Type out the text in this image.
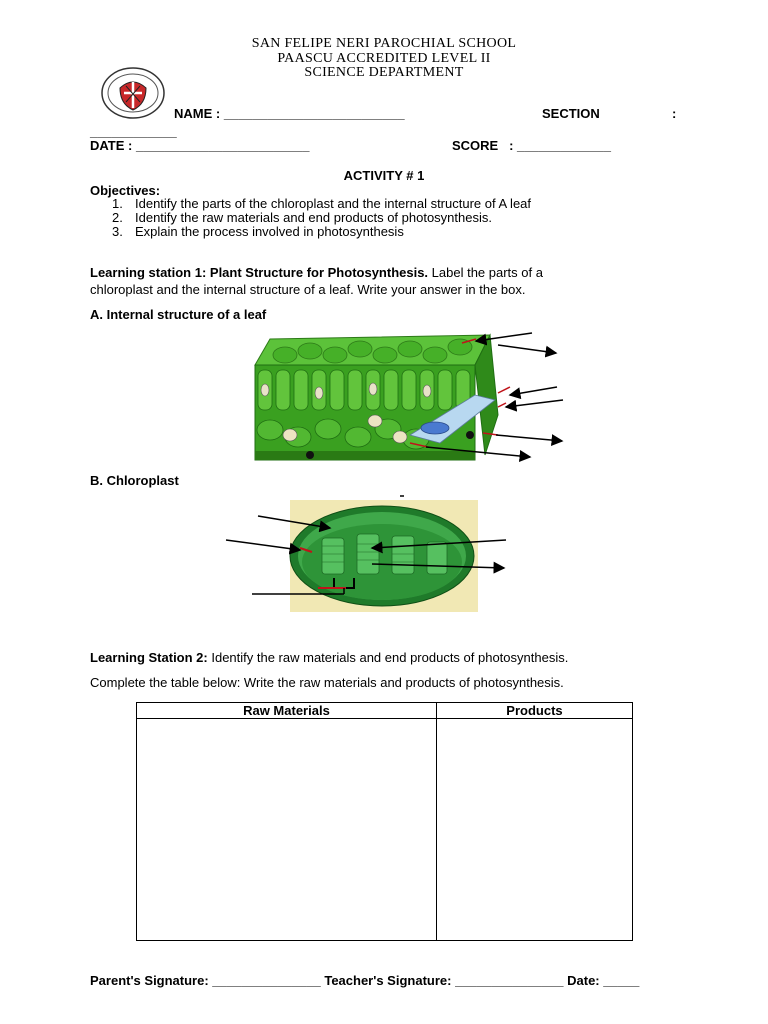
SAN FELIPE NERI PAROCHIAL SCHOOL
PAASCU ACCREDITED LEVEL II
SCIENCE DEPARTMENT
NAME : _________________________	SECTION	:
____________
DATE : ________________________	SCORE   : _____________
ACTIVITY # 1
Objectives:
1. Identify the parts of the chloroplast and the internal structure of A leaf
2. Identify the raw materials and end products of photosynthesis.
3. Explain the process involved in photosynthesis
Learning station 1: Plant Structure for Photosynthesis. Label the parts of a
chloroplast and the internal structure of a leaf. Write your answer in the box.
A. Internal structure of a leaf
B. Chloroplast
Learning Station 2: Identify the raw materials and end products of photosynthesis.
Complete the table below: Write the raw materials and products of photosynthesis.
Raw Materials	Products

Parent's Signature: _______________ Teacher's Signature: _______________ Date: _____
